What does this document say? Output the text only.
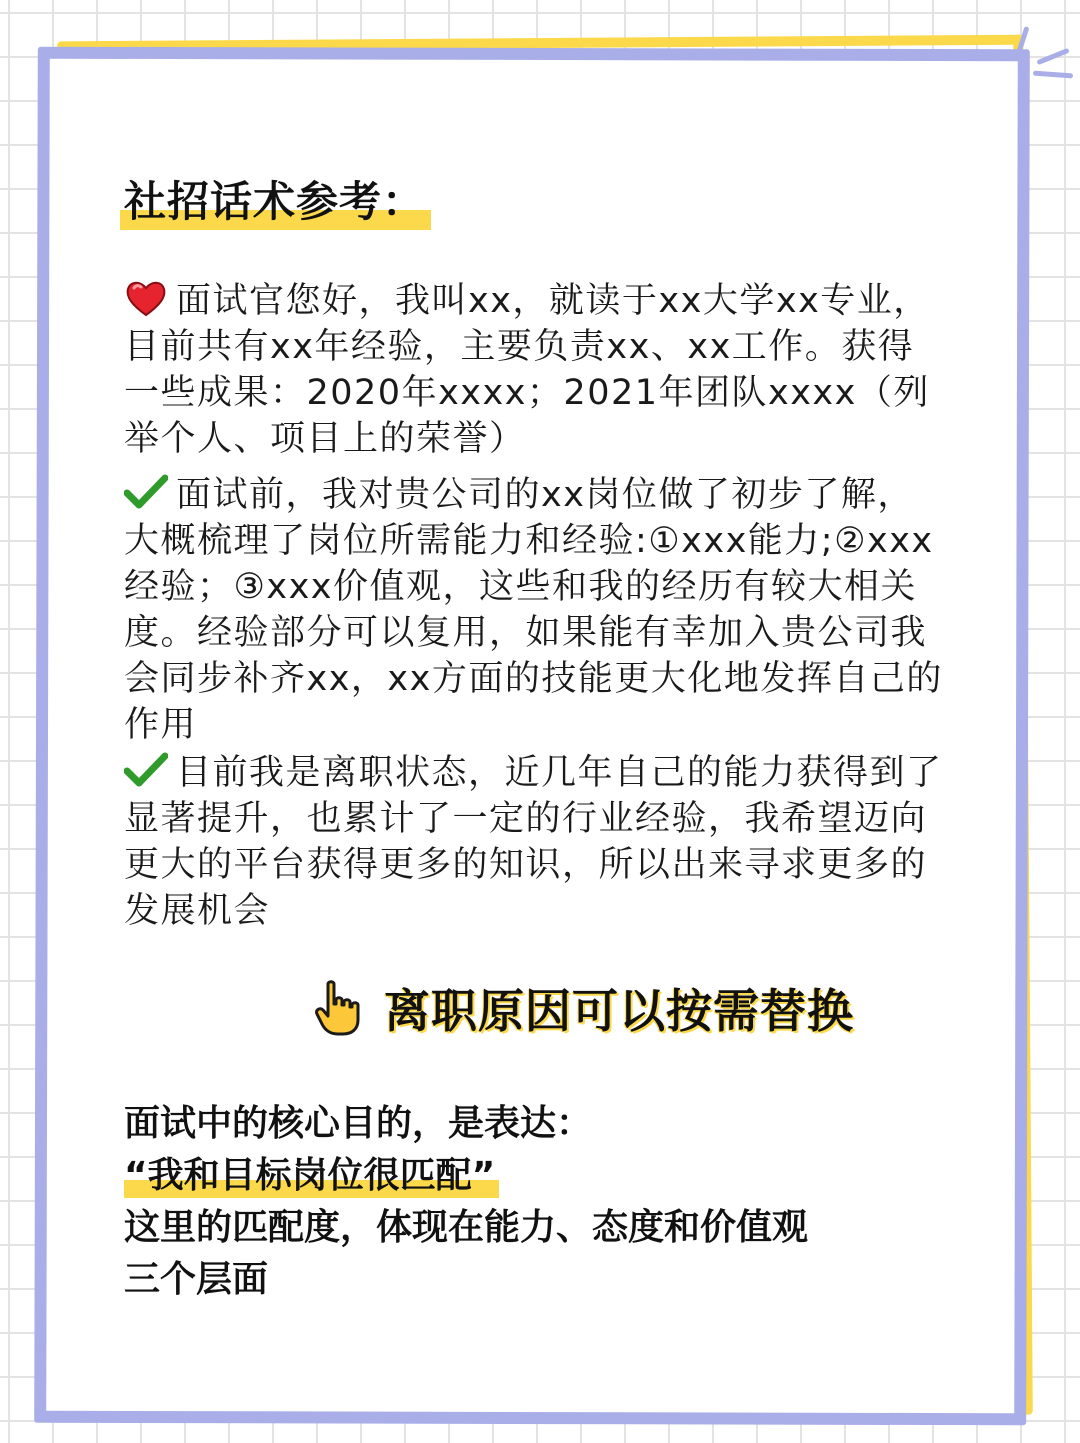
社招话术参考：
面试官您好，我叫xx，就读于xx大学xx专业，目前共有xx年经验，主要负责xx、xx工作。获得一些成果：2020年xxxx；2021年团队xxxx（列举个人、项目上的荣誉）
面试前，我对贵公司的xx岗位做了初步了解，大概梳理了岗位所需能力和经验:①xxx能力;②xxx经验；③xxx价值观，这些和我的经历有较大相关度。经验部分可以复用，如果能有幸加入贵公司我会同步补齐xx，xx方面的技能更大化地发挥自己的作用
目前我是离职状态，近几年自己的能力获得到了显著提升，也累计了一定的行业经验，我希望迈向更大的平台获得更多的知识，所以出来寻求更多的发展机会
离职原因可以按需替换
面试中的核心目的，是表达：
“我和目标岗位很匹配”
这里的匹配度，体现在能力、态度和价值观
三个层面
